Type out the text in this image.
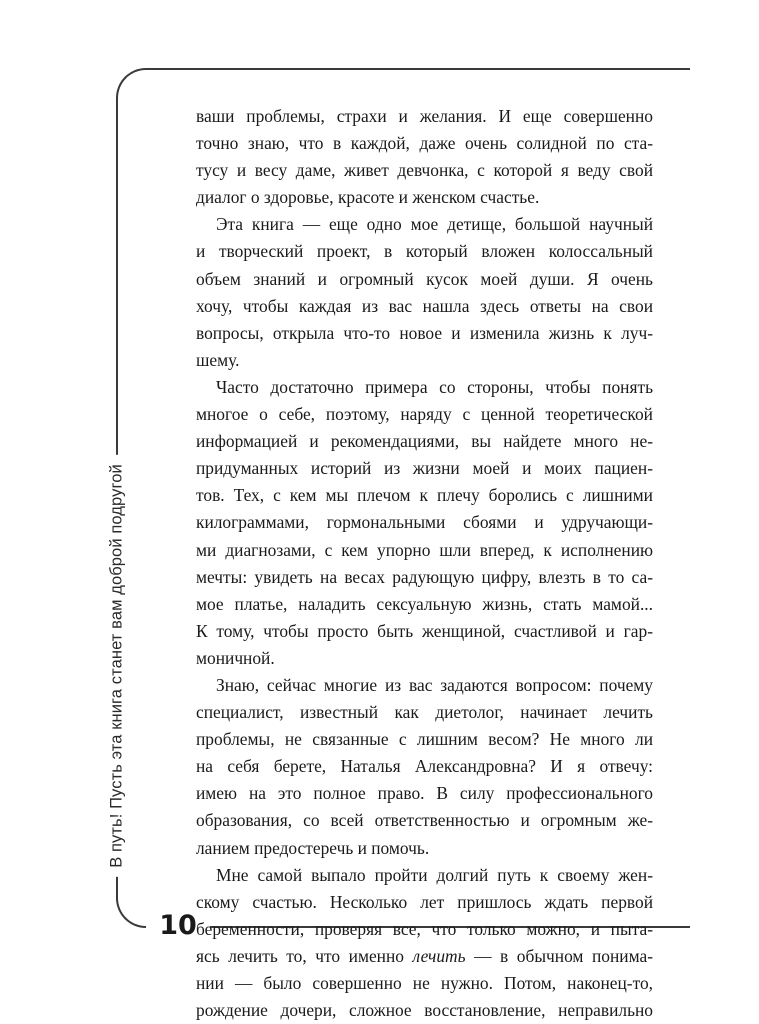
В путь! Пусть эта книга станет вам доброй подругой
10
ваши проблемы, страхи и желания. И еще совершенно
точно знаю, что в каждой, даже очень солидной по ста-
тусу и весу даме, живет девчонка, с которой я веду свой
диалог о здоровье, красоте и женском счастье.
Эта книга — еще одно мое детище, большой научный
и творческий проект, в который вложен колоссальный
объем знаний и огромный кусок моей души. Я очень
хочу, чтобы каждая из вас нашла здесь ответы на свои
вопросы, открыла что-то новое и изменила жизнь к луч-
шему.
Часто достаточно примера со стороны, чтобы понять
многое о себе, поэтому, наряду с ценной теоретической
информацией и рекомендациями, вы найдете много не-
придуманных историй из жизни моей и моих пациен-
тов. Тех, с кем мы плечом к плечу боролись с лишними
килограммами, гормональными сбоями и удручающи-
ми диагнозами, с кем упорно шли вперед, к исполнению
мечты: увидеть на весах радующую цифру, влезть в то са-
мое платье, наладить сексуальную жизнь, стать мамой...
К тому, чтобы просто быть женщиной, счастливой и гар-
моничной.
Знаю, сейчас многие из вас задаются вопросом: почему
специалист, известный как диетолог, начинает лечить
проблемы, не связанные с лишним весом? Не много ли
на себя берете, Наталья Александровна? И я отвечу:
имею на это полное право. В силу профессионального
образования, со всей ответственностью и огромным же-
ланием предостеречь и помочь.
Мне самой выпало пройти долгий путь к своему жен-
скому счастью. Несколько лет пришлось ждать первой
беременности, проверяя все, что только можно, и пыта-
ясь лечить то, что именно лечить — в обычном понима-
нии — было совершенно не нужно. Потом, наконец-то,
рождение дочери, сложное восстановление, неправильно
